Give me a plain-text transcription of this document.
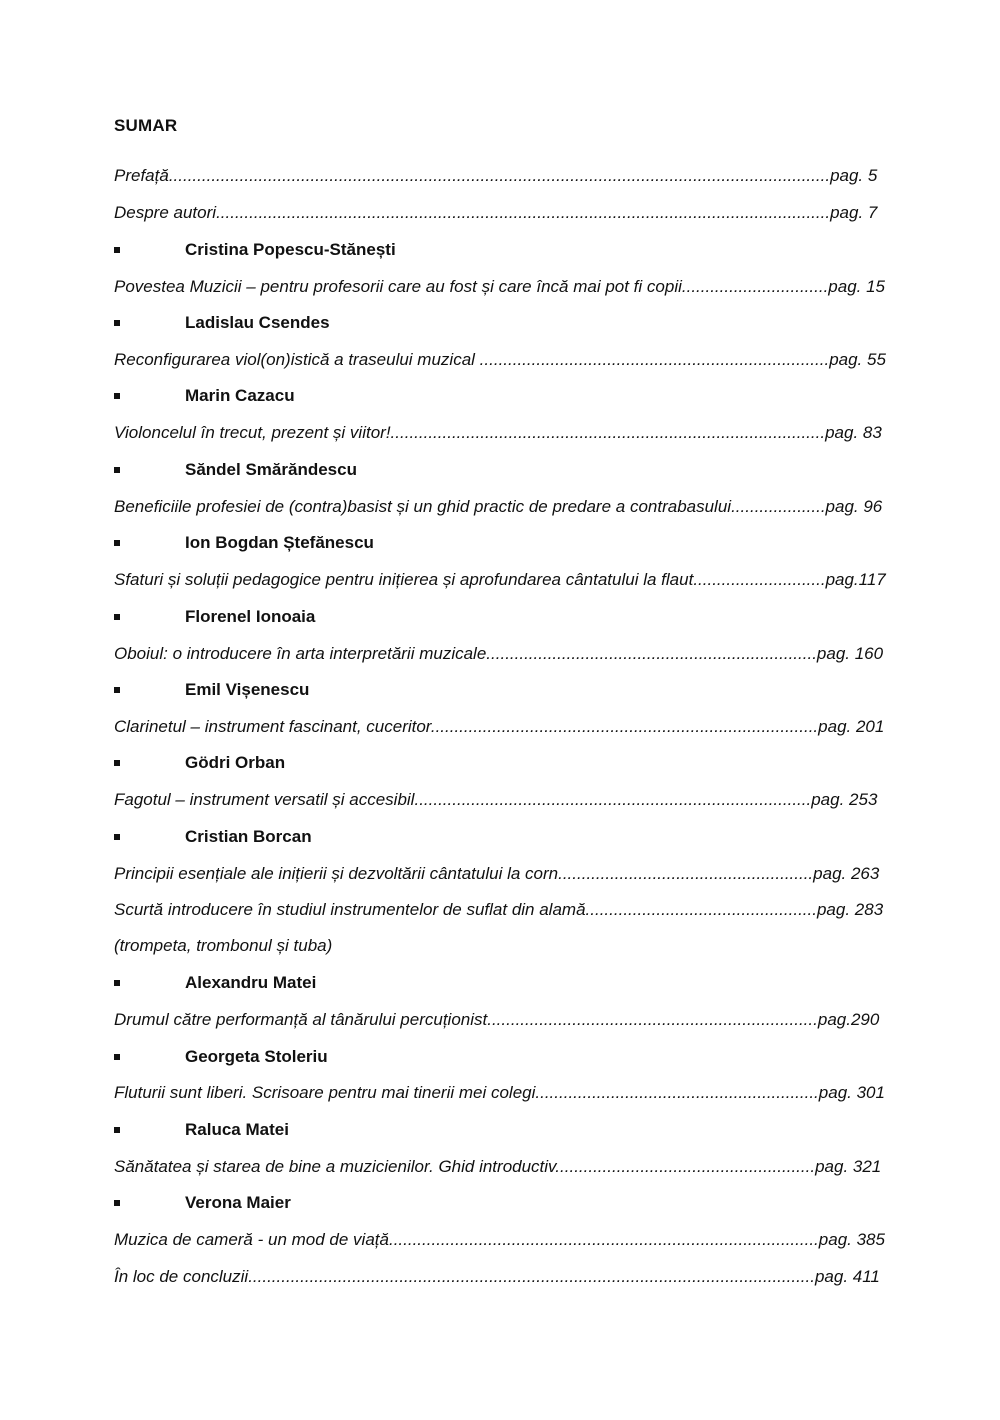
SUMAR
Prefață............................................................................................................................................pag. 5
Despre autori..................................................................................................................................pag. 7
Cristina Popescu-Stănești
Povestea Muzicii – pentru profesorii care au fost și care încă mai pot fi copii...............................pag. 15
Ladislau Csendes
Reconfigurarea viol(on)istică a traseului muzical ..........................................................................pag. 55
Marin Cazacu
Violoncelul în trecut, prezent și viitor!............................................................................................pag. 83
Săndel Smărăndescu
Beneficiile profesiei de (contra)basist și un ghid practic de predare a contrabasului....................pag. 96
Ion Bogdan Ștefănescu
Sfaturi și soluții pedagogice pentru inițierea și aprofundarea cântatului la flaut............................pag.117
Florenel Ionoaia
Oboiul: o introducere în arta interpretării muzicale......................................................................pag. 160
Emil Vișenescu
Clarinetul – instrument fascinant, cuceritor..................................................................................pag. 201
Gödri Orban
Fagotul – instrument versatil și accesibil....................................................................................pag. 253
Cristian Borcan
Principii esențiale ale inițierii și dezvoltării cântatului la corn......................................................pag. 263
Scurtă introducere în studiul instrumentelor de suflat din alamă.................................................pag. 283
(trompeta, trombonul și tuba)
Alexandru Matei
Drumul către performanță al tânărului percuționist......................................................................pag.290
Georgeta Stoleriu
Fluturii sunt liberi. Scrisoare pentru mai tinerii mei colegi............................................................pag. 301
Raluca Matei
Sănătatea și starea de bine a muzicienilor. Ghid introductiv.......................................................pag. 321
Verona Maier
Muzica de cameră - un mod de viață...........................................................................................pag. 385
În loc de concluzii........................................................................................................................pag. 411
